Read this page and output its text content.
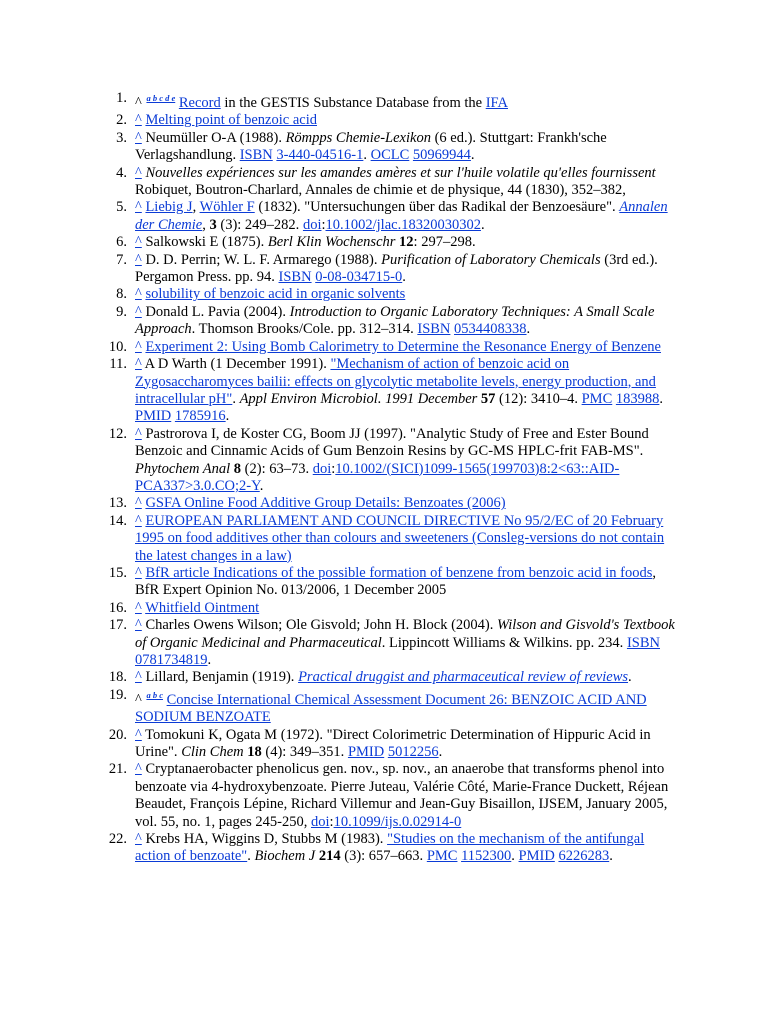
1. ^ $^{a b c d e}$ Record in the GESTIS Substance Database from the IFA
2. ^ Melting point of benzoic acid
3. ^ Neumüller O-A (1988). Römpps Chemie-Lexikon (6 ed.). Stuttgart: Frankh'sche Verlagshandlung. ISBN 3-440-04516-1. OCLC 50969944.
4. ^ Nouvelles expériences sur les amandes amères et sur l'huile volatile qu'elles fournissent Robiquet, Boutron-Charlard, Annales de chimie et de physique, 44 (1830), 352–382,
5. ^ Liebig J, Wöhler F (1832). "Untersuchungen über das Radikal der Benzoesäure". Annalen der Chemie, 3 (3): 249–282. doi:10.1002/jlac.18320030302.
6. ^ Salkowski E (1875). Berl Klin Wochenschr 12: 297–298.
7. ^ D. D. Perrin; W. L. F. Armarego (1988). Purification of Laboratory Chemicals (3rd ed.). Pergamon Press. pp. 94. ISBN 0-08-034715-0.
8. ^ solubility of benzoic acid in organic solvents
9. ^ Donald L. Pavia (2004). Introduction to Organic Laboratory Techniques: A Small Scale Approach. Thomson Brooks/Cole. pp. 312–314. ISBN 0534408338.
10. ^ Experiment 2: Using Bomb Calorimetry to Determine the Resonance Energy of Benzene
11. ^ A D Warth (1 December 1991). "Mechanism of action of benzoic acid on Zygosaccharomyces bailii: effects on glycolytic metabolite levels, energy production, and intracellular pH". Appl Environ Microbiol. 1991 December 57 (12): 3410–4. PMC 183988. PMID 1785916.
12. ^ Pastrorova I, de Koster CG, Boom JJ (1997). "Analytic Study of Free and Ester Bound Benzoic and Cinnamic Acids of Gum Benzoin Resins by GC-MS HPLC-frit FAB-MS". Phytochem Anal 8 (2): 63–73. doi:10.1002/(SICI)1099-1565(199703)8:2<63::AID-PCA337>3.0.CO;2-Y.
13. ^ GSFA Online Food Additive Group Details: Benzoates (2006)
14. ^ EUROPEAN PARLIAMENT AND COUNCIL DIRECTIVE No 95/2/EC of 20 February 1995 on food additives other than colours and sweeteners (Consleg-versions do not contain the latest changes in a law)
15. ^ BfR article Indications of the possible formation of benzene from benzoic acid in foods, BfR Expert Opinion No. 013/2006, 1 December 2005
16. ^ Whitfield Ointment
17. ^ Charles Owens Wilson; Ole Gisvold; John H. Block (2004). Wilson and Gisvold's Textbook of Organic Medicinal and Pharmaceutical. Lippincott Williams & Wilkins. pp. 234. ISBN 0781734819.
18. ^ Lillard, Benjamin (1919). Practical druggist and pharmaceutical review of reviews.
19. ^ $^{a b c}$ Concise International Chemical Assessment Document 26: BENZOIC ACID AND SODIUM BENZOATE
20. ^ Tomokuni K, Ogata M (1972). "Direct Colorimetric Determination of Hippuric Acid in Urine". Clin Chem 18 (4): 349–351. PMID 5012256.
21. ^ Cryptanaerobacter phenolicus gen. nov., sp. nov., an anaerobe that transforms phenol into benzoate via 4-hydroxybenzoate. Pierre Juteau, Valérie Côté, Marie-France Duckett, Réjean Beaudet, François Lépine, Richard Villemur and Jean-Guy Bisaillon, IJSEM, January 2005, vol. 55, no. 1, pages 245-250, doi:10.1099/ijs.0.02914-0
22. ^ Krebs HA, Wiggins D, Stubbs M (1983). "Studies on the mechanism of the antifungal action of benzoate". Biochem J 214 (3): 657–663. PMC 1152300. PMID 6226283.
